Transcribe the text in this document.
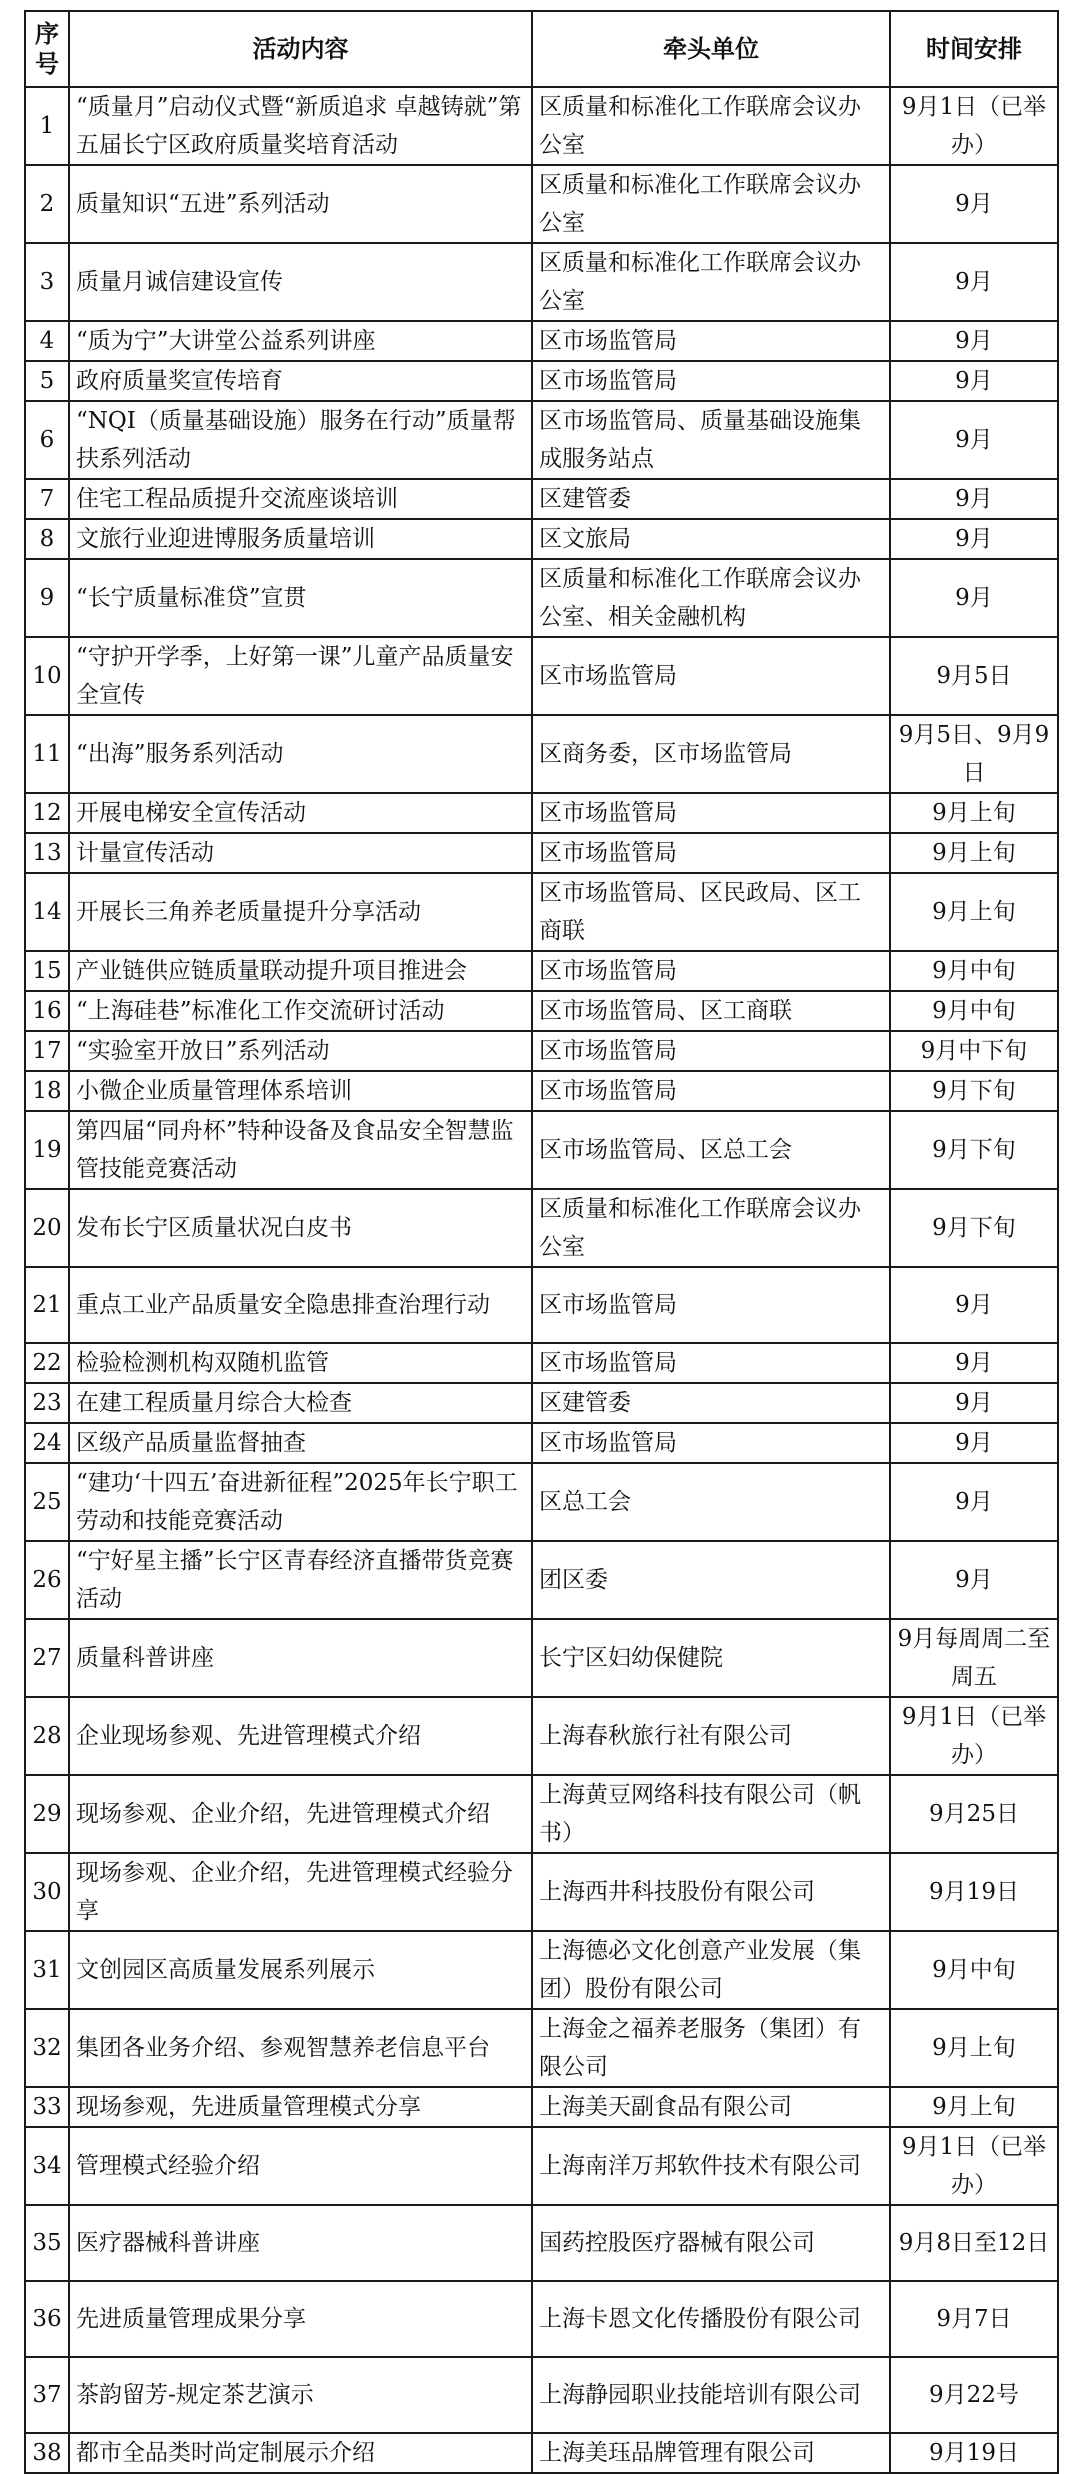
序号	活动内容	牵头单位	时间安排
1	“质量月”启动仪式暨“新质追求 卓越铸就”第五届长宁区政府质量奖培育活动	区质量和标准化工作联席会议办公室	9月1日（已举办）
2	质量知识“五进”系列活动	区质量和标准化工作联席会议办公室	9月
3	质量月诚信建设宣传	区质量和标准化工作联席会议办公室	9月
4	“质为宁”大讲堂公益系列讲座	区市场监管局	9月
5	政府质量奖宣传培育	区市场监管局	9月
6	“NQI（质量基础设施）服务在行动”质量帮扶系列活动	区市场监管局、质量基础设施集成服务站点	9月
7	住宅工程品质提升交流座谈培训	区建管委	9月
8	文旅行业迎进博服务质量培训	区文旅局	9月
9	“长宁质量标准贷”宣贯	区质量和标准化工作联席会议办公室、相关金融机构	9月
10	“守护开学季，上好第一课”儿童产品质量安全宣传	区市场监管局	9月5日
11	“出海”服务系列活动	区商务委，区市场监管局	9月5日、9月9日
12	开展电梯安全宣传活动	区市场监管局	9月上旬
13	计量宣传活动	区市场监管局	9月上旬
14	开展长三角养老质量提升分享活动	区市场监管局、区民政局、区工商联	9月上旬
15	产业链供应链质量联动提升项目推进会	区市场监管局	9月中旬
16	“上海硅巷”标准化工作交流研讨活动	区市场监管局、区工商联	9月中旬
17	“实验室开放日”系列活动	区市场监管局	9月中下旬
18	小微企业质量管理体系培训	区市场监管局	9月下旬
19	第四届“同舟杯”特种设备及食品安全智慧监管技能竞赛活动	区市场监管局、区总工会	9月下旬
20	发布长宁区质量状况白皮书	区质量和标准化工作联席会议办公室	9月下旬
21	重点工业产品质量安全隐患排查治理行动	区市场监管局	9月
22	检验检测机构双随机监管	区市场监管局	9月
23	在建工程质量月综合大检查	区建管委	9月
24	区级产品质量监督抽查	区市场监管局	9月
25	“建功‘十四五’奋进新征程”2025年长宁职工劳动和技能竞赛活动	区总工会	9月
26	“宁好星主播”长宁区青春经济直播带货竞赛活动	团区委	9月
27	质量科普讲座	长宁区妇幼保健院	9月每周周二至周五
28	企业现场参观、先进管理模式介绍	上海春秋旅行社有限公司	9月1日（已举办）
29	现场参观、企业介绍，先进管理模式介绍	上海黄豆网络科技有限公司（帆书）	9月25日
30	现场参观、企业介绍，先进管理模式经验分享	上海西井科技股份有限公司	9月19日
31	文创园区高质量发展系列展示	上海德必文化创意产业发展（集团）股份有限公司	9月中旬
32	集团各业务介绍、参观智慧养老信息平台	上海金之福养老服务（集团）有限公司	9月上旬
33	现场参观，先进质量管理模式分享	上海美天副食品有限公司	9月上旬
34	管理模式经验介绍	上海南洋万邦软件技术有限公司	9月1日（已举办）
35	医疗器械科普讲座	国药控股医疗器械有限公司	9月8日至12日
36	先进质量管理成果分享	上海卡恩文化传播股份有限公司	9月7日
37	茶韵留芳-规定茶艺演示	上海静园职业技能培训有限公司	9月22号
38	都市全品类时尚定制展示介绍	上海美珏品牌管理有限公司	9月19日
